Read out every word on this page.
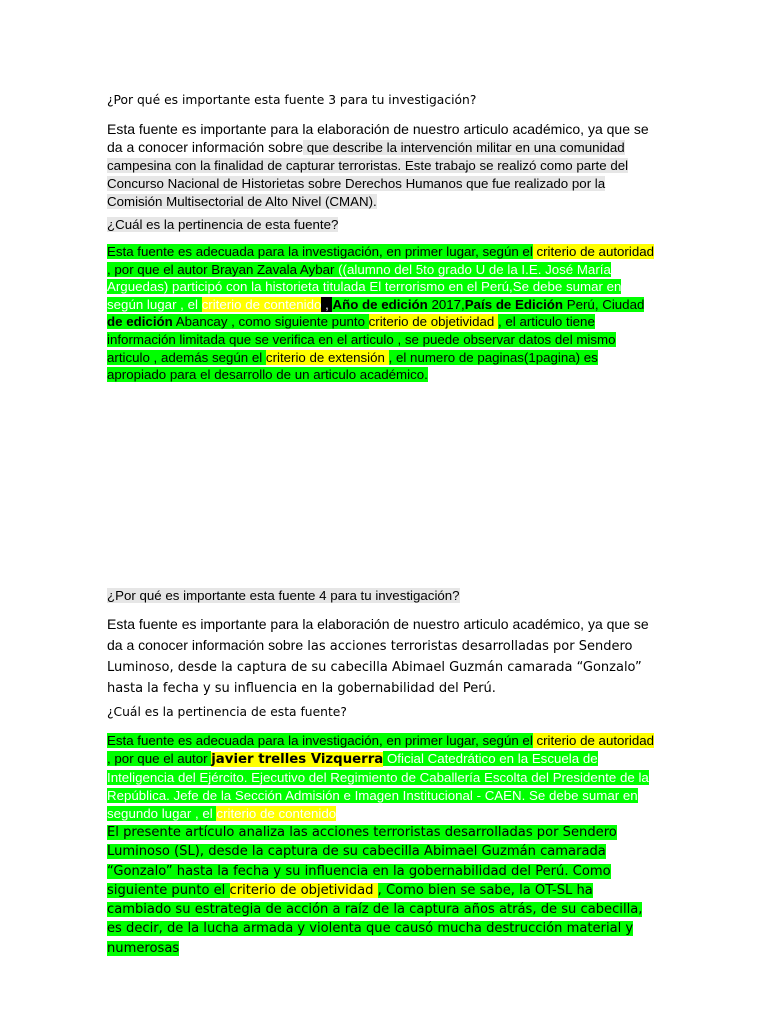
¿Por qué es importante esta fuente 3 para tu investigación?

Esta fuente es importante para la elaboración de nuestro articulo académico, ya que se da a conocer información sobre que describe la intervención militar en una comunidad campesina con la finalidad de capturar terroristas. Este trabajo se realizó como parte del Concurso Nacional de Historietas sobre Derechos Humanos que fue realizado por la Comisión Multisectorial de Alto Nivel (CMAN).

¿Cuál es la pertinencia de esta fuente?

Esta fuente es adecuada para la investigación, en primer lugar, según el criterio de autoridad , por que el autor Brayan Zavala Aybar ((alumno del 5to grado U de la I.E. José María Arguedas) participó con la historieta titulada El terrorismo en el Perú,Se debe sumar en según lugar , el criterio de contenido , Año de edición 2017,País de Edición Perú, Ciudad de edición Abancay , como siguiente punto criterio de objetividad , el articulo tiene información limitada que se verifica en el articulo , se puede observar datos del mismo articulo , además según el criterio de extensión , el numero de paginas(1pagina) es apropiado para el desarrollo de un articulo académico.

¿Por qué es importante esta fuente 4 para tu investigación?

Esta fuente es importante para la elaboración de nuestro articulo académico, ya que se da a conocer información sobre las acciones terroristas desarrolladas por Sendero Luminoso, desde la captura de su cabecilla Abimael Guzmán camarada “Gonzalo” hasta la fecha y su influencia en la gobernabilidad del Perú.

¿Cuál es la pertinencia de esta fuente?

Esta fuente es adecuada para la investigación, en primer lugar, según el criterio de autoridad , por que el autor javier trelles Vizquerra Oficial Catedrático en la Escuela de Inteligencia del Ejército. Ejecutivo del Regimiento de Caballería Escolta del Presidente de la República. Jefe de la Sección Admisión e Imagen Institucional - CAEN. Se debe sumar en segundo lugar , el criterio de contenido

El presente artículo analiza las acciones terroristas desarrolladas por Sendero Luminoso (SL), desde la captura de su cabecilla Abimael Guzmán camarada “Gonzalo” hasta la fecha y su influencia en la gobernabilidad del Perú. Como siguiente punto el criterio de objetividad , Como bien se sabe, la OT-SL ha cambiado su estrategia de acción a raíz de la captura años atrás, de su cabecilla, es decir, de la lucha armada y violenta que causó mucha destrucción material y numerosas
